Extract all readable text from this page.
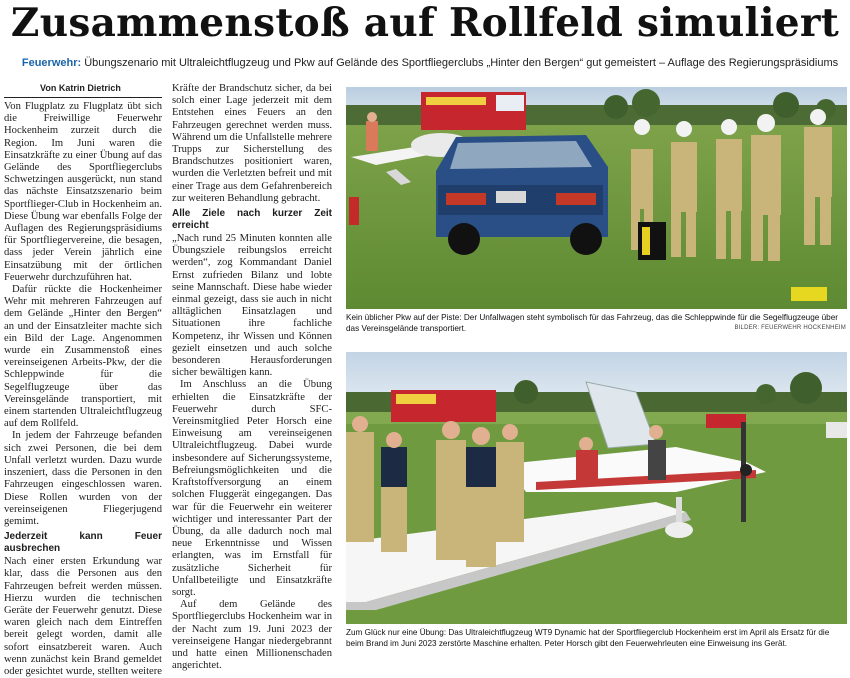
Zusammenstoß auf Rollfeld simuliert
Feuerwehr: Übungszenario mit Ultraleichtflugzeug und Pkw auf Gelände des Sportfliegerclubs „Hinter den Bergen“ gut gemeistert – Auflage des Regierungspräsidiums
Von Katrin Dietrich

Von Flugplatz zu Flugplatz übt sich die Freiwillige Feuerwehr Hockenheim zurzeit durch die Region. Im Juni waren die Einsatzkräfte zu einer Übung auf das Gelände des Sportfliegerclubs Schwetzingen ausgerückt, nun stand das nächste Einsatzszenario beim Sportflieger-Club in Hockenheim an. Diese Übung war ebenfalls Folge der Auflagen des Regierungspräsidiums für Sportfliegervereine, die besagen, dass jeder Verein jährlich eine Einsatzübung mit der örtlichen Feuerwehr durchzuführen hat.

Dafür rückte die Hockenheimer Wehr mit mehreren Fahrzeugen auf dem Gelände „Hinter den Bergen“ an und der Einsatzleiter machte sich ein Bild der Lage. Angenommen wurde ein Zusammenstoß eines vereinseigenen Arbeits-Pkw, der die Schleppwinde für die Segelflugzeuge über das Vereinsgelände transportiert, mit einem startenden Ultraleichtflugzeug auf dem Rollfeld.

In jedem der Fahrzeuge befanden sich zwei Personen, die bei dem Unfall verletzt wurden. Dazu wurde inszeniert, dass die Personen in den Fahrzeugen eingeschlossen waren. Diese Rollen wurden von der vereinseigenen Fliegerjugend gemimt.

Jederzeit kann Feuer ausbrechen

Nach einer ersten Erkundung war klar, dass die Personen aus den Fahrzeugen befreit werden müssen. Hierzu wurden die technischen Geräte der Feuerwehr genutzt. Diese waren gleich nach dem Eintreffen bereit gelegt worden, damit alle sofort einsatzbereit waren. Auch wenn zunächst kein Brand gemeldet oder gesichtet wurde, stellten weitere

Kräfte der Brandschutz sicher, da bei solch einer Lage jederzeit mit dem Entstehen eines Feuers an den Fahrzeugen gerechnet werden muss. Während um die Unfallstelle mehrere Trupps zur Sicherstellung des Brandschutzes positioniert waren, wurden die Verletzten befreit und mit einer Trage aus dem Gefahrenbereich zur weiteren Behandlung gebracht.

Alle Ziele nach kurzer Zeit erreicht

„Nach rund 25 Minuten konnten alle Übungsziele reibungslos erreicht werden“, zog Kommandant Daniel Ernst zufrieden Bilanz und lobte seine Mannschaft. Diese habe wieder einmal gezeigt, dass sie auch in nicht alltäglichen Einsatzlagen und Situationen ihre fachliche Kompetenz, ihr Wissen und Können gezielt einsetzen und auch solche besonderen Herausforderungen sicher bewältigen kann.

Im Anschluss an die Übung erhielten die Einsatzkräfte der Feuerwehr durch SFC-Vereinsmitglied Peter Horsch eine Einweisung am vereinseigenen Ultraleichtflugzeug. Dabei wurde insbesondere auf Sicherungssysteme, Befreiungsmöglichkeiten und die Kraftstoffversorgung an einem solchen Fluggerät eingegangen. Das war für die Feuerwehr ein weiterer wichtiger und interessanter Part der Übung, da alle dadurch noch mal neue Erkenntnisse und Wissen erlangten, was im Ernstfall für zusätzliche Sicherheit für Unfallbeteiligte und Einsatzkräfte sorgt.

Auf dem Gelände des Sportfliegerclubs Hockenheim war in der Nacht zum 19. Juni 2023 der vereinseigene Hangar niedergebrannt und hatte einen Millionenschaden angerichtet.

Kein üblicher Pkw auf der Piste: Der Unfallwagen steht symbolisch für das Fahrzeug, das die Schleppwinde für die Segelflugzeuge über das Vereinsgelände transportiert.	BILDER: FEUERWEHR HOCKENHEIM
Zum Glück nur eine Übung: Das Ultraleichtflugzeug WT9 Dynamic hat der Sportfliegerclub Hockenheim erst im April als Ersatz für die beim Brand im Juni 2023 zerstörte Maschine erhalten. Peter Horsch gibt den Feuerwehrleuten eine Einweisung ins Gerät.
